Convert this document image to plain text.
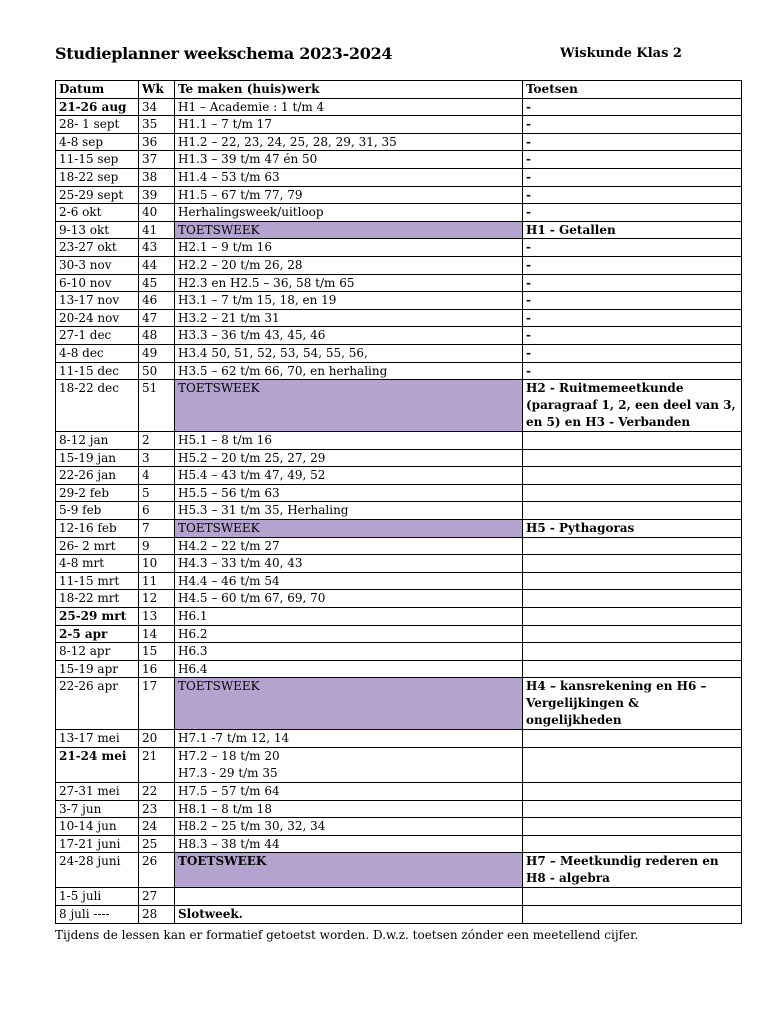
Studieplanner weekschema 2023-2024	Wiskunde Klas 2
Datum	Wk	Te maken (huis)werk	Toetsen
21-26 aug	34	H1 – Academie : 1 t/m 4	-
28- 1 sept	35	H1.1 – 7 t/m 17	-
4-8 sep	36	H1.2 – 22, 23, 24, 25, 28, 29, 31, 35	-
11-15 sep	37	H1.3 – 39 t/m 47 én 50	-
18-22 sep	38	H1.4 – 53 t/m 63	-
25-29 sept	39	H1.5 – 67 t/m 77, 79	-
2-6 okt	40	Herhalingsweek/uitloop	-
9-13 okt	41	TOETSWEEK	H1 - Getallen
23-27 okt	43	H2.1 – 9 t/m 16	-
30-3 nov	44	H2.2 – 20 t/m 26, 28	-
6-10 nov	45	H2.3 en H2.5 – 36, 58 t/m 65	-
13-17 nov	46	H3.1 – 7 t/m 15, 18, en 19	-
20-24 nov	47	H3.2 – 21 t/m 31	-
27-1 dec	48	H3.3 – 36 t/m 43, 45, 46	-
4-8 dec	49	H3.4 50, 51, 52, 53, 54, 55, 56,	-
11-15 dec	50	H3.5 – 62 t/m 66, 70, en herhaling	-
18-22 dec	51	TOETSWEEK	H2 - Ruitmemeetkunde (paragraaf 1, 2, een deel van 3, en 5) en H3 - Verbanden
8-12 jan	2	H5.1 – 8 t/m 16	
15-19 jan	3	H5.2 – 20 t/m 25, 27, 29	
22-26 jan	4	H5.4 – 43 t/m 47, 49, 52	
29-2 feb	5	H5.5 – 56 t/m 63	
5-9 feb	6	H5.3 – 31 t/m 35, Herhaling	
12-16 feb	7	TOETSWEEK	H5 - Pythagoras
26- 2 mrt	9	H4.2 – 22 t/m 27	
4-8 mrt	10	H4.3 – 33 t/m 40, 43	
11-15 mrt	11	H4.4 – 46 t/m 54	
18-22 mrt	12	H4.5 – 60 t/m 67, 69, 70	
25-29 mrt	13	H6.1	
2-5 apr	14	H6.2	
8-12 apr	15	H6.3	
15-19 apr	16	H6.4	
22-26 apr	17	TOETSWEEK	H4 – kansrekening en H6 – Vergelijkingen & ongelijkheden
13-17 mei	20	H7.1 -7 t/m 12, 14	
21-24 mei	21	H7.2 – 18 t/m 20
H7.3 - 29 t/m 35	

27-31 mei	22	H7.5 – 57 t/m 64	
3-7 jun	23	H8.1 – 8 t/m 18	
10-14 jun	24	H8.2 – 25 t/m 30, 32, 34	
17-21 juni	25	H8.3 – 38 t/m 44	
24-28 juni	26	TOETSWEEK	H7 – Meetkundig rederen en H8 - algebra
1-5 juli	27		
8 juli ----	28	Slotweek.	
Tijdens de lessen kan er formatief getoetst worden. D.w.z. toetsen zónder een meetellend cijfer.
